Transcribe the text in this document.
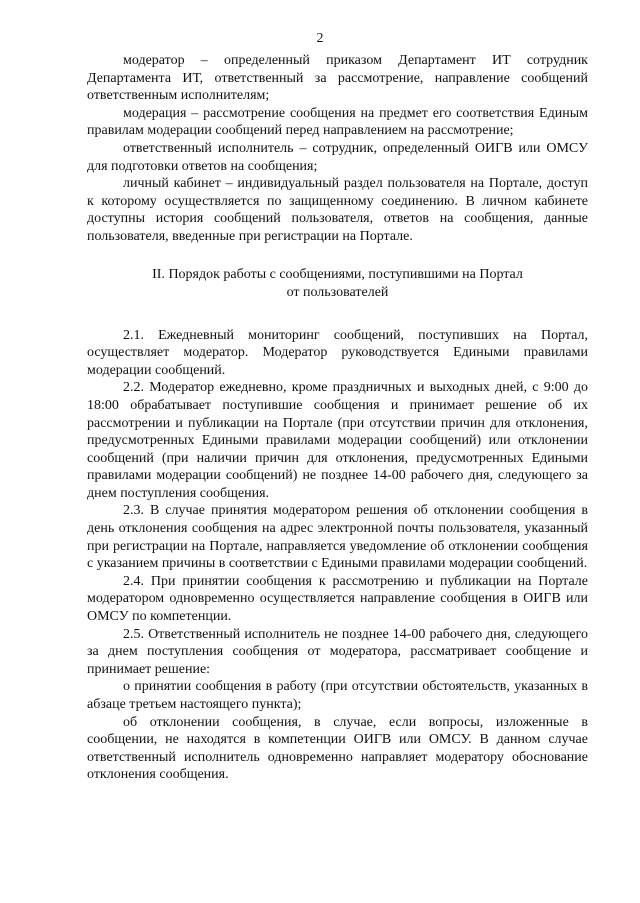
2

модератор – определенный приказом Департамент ИТ сотрудник Департамента ИТ, ответственный за рассмотрение, направление сообщений ответственным исполнителям;

модерация – рассмотрение сообщения на предмет его соответствия Единым правилам модерации сообщений перед направлением на рассмотрение;

ответственный исполнитель – сотрудник, определенный ОИГВ или ОМСУ для подготовки ответов на сообщения;

личный кабинет – индивидуальный раздел пользователя на Портале, доступ к которому осуществляется по защищенному соединению. В личном кабинете доступны история сообщений пользователя, ответов на сообщения, данные пользователя, введенные при регистрации на Портале.

II. Порядок работы с сообщениями, поступившими на Портал
от пользователей

2.1. Ежедневный мониторинг сообщений, поступивших на Портал, осуществляет модератор. Модератор руководствуется Едиными правилами модерации сообщений.

2.2. Модератор ежедневно, кроме праздничных и выходных дней, с 9:00 до 18:00 обрабатывает поступившие сообщения и принимает решение об их рассмотрении и публикации на Портале (при отсутствии причин для отклонения, предусмотренных Едиными правилами модерации сообщений) или отклонении сообщений (при наличии причин для отклонения, предусмотренных Едиными правилами модерации сообщений) не позднее 14-00 рабочего дня, следующего за днем поступления сообщения.

2.3. В случае принятия модератором решения об отклонении сообщения в день отклонения сообщения на адрес электронной почты пользователя, указанный при регистрации на Портале, направляется уведомление об отклонении сообщения с указанием причины в соответствии с Едиными правилами модерации сообщений.

2.4. При принятии сообщения к рассмотрению и публикации на Портале модератором одновременно осуществляется направление сообщения в ОИГВ или ОМСУ по компетенции.

2.5. Ответственный исполнитель не позднее 14-00 рабочего дня, следующего за днем поступления сообщения от модератора, рассматривает сообщение и принимает решение:

о принятии сообщения в работу (при отсутствии обстоятельств, указанных в абзаце третьем настоящего пункта);

об отклонении сообщения, в случае, если вопросы, изложенные в сообщении, не находятся в компетенции ОИГВ или ОМСУ. В данном случае ответственный исполнитель одновременно направляет модератору обоснование отклонения сообщения.
